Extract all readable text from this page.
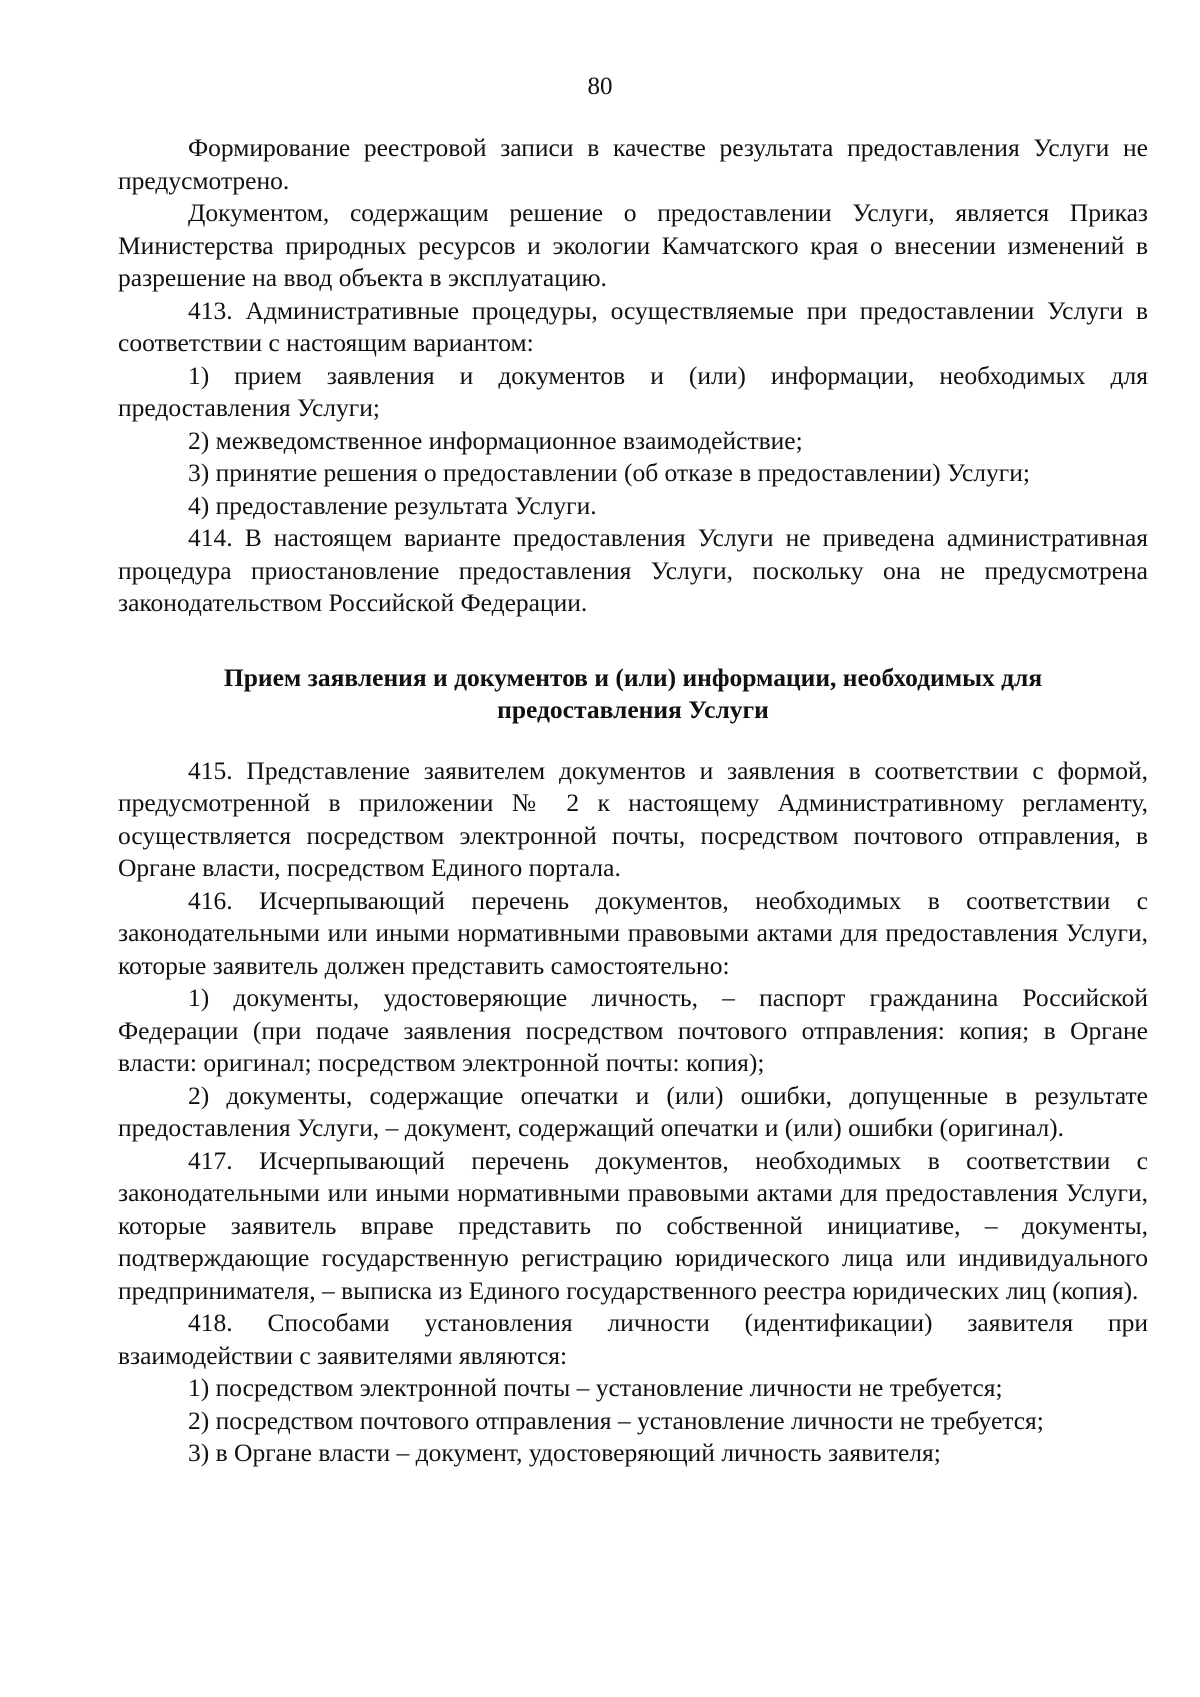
80

Формирование реестровой записи в качестве результата предоставления Услуги не предусмотрено.

Документом, содержащим решение о предоставлении Услуги, является Приказ Министерства природных ресурсов и экологии Камчатского края о внесении изменений в разрешение на ввод объекта в эксплуатацию.

413. Административные процедуры, осуществляемые при предоставлении Услуги в соответствии с настоящим вариантом:

1) прием заявления и документов и (или) информации, необходимых для предоставления Услуги;

2) межведомственное информационное взаимодействие;

3) принятие решения о предоставлении (об отказе в предоставлении) Услуги;

4) предоставление результата Услуги.

414. В настоящем варианте предоставления Услуги не приведена административная процедура приостановление предоставления Услуги, поскольку она не предусмотрена законодательством Российской Федерации.

Прием заявления и документов и (или) информации, необходимых для предоставления Услуги

415. Представление заявителем документов и заявления в соответствии с формой, предусмотренной в приложении № 2 к настоящему Административному регламенту, осуществляется посредством электронной почты, посредством почтового отправления, в Органе власти, посредством Единого портала.

416. Исчерпывающий перечень документов, необходимых в соответствии с законодательными или иными нормативными правовыми актами для предоставления Услуги, которые заявитель должен представить самостоятельно:

1) документы, удостоверяющие личность, – паспорт гражданина Российской Федерации (при подаче заявления посредством почтового отправления: копия; в Органе власти: оригинал; посредством электронной почты: копия);

2) документы, содержащие опечатки и (или) ошибки, допущенные в результате предоставления Услуги, – документ, содержащий опечатки и (или) ошибки (оригинал).

417. Исчерпывающий перечень документов, необходимых в соответствии с законодательными или иными нормативными правовыми актами для предоставления Услуги, которые заявитель вправе представить по собственной инициативе, – документы, подтверждающие государственную регистрацию юридического лица или индивидуального предпринимателя, – выписка из Единого государственного реестра юридических лиц (копия).

418. Способами установления личности (идентификации) заявителя при взаимодействии с заявителями являются:

1) посредством электронной почты – установление личности не требуется;

2) посредством почтового отправления – установление личности не требуется;

3) в Органе власти – документ, удостоверяющий личность заявителя;
